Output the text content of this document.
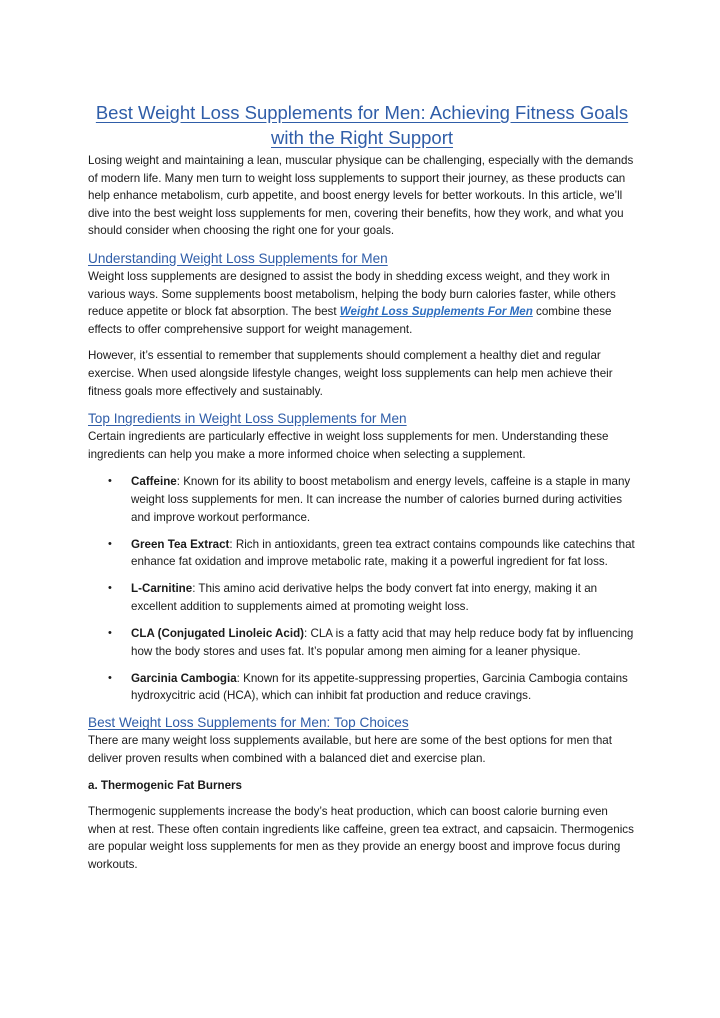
Best Weight Loss Supplements for Men: Achieving Fitness Goals with the Right Support

Losing weight and maintaining a lean, muscular physique can be challenging, especially with the demands of modern life. Many men turn to weight loss supplements to support their journey, as these products can help enhance metabolism, curb appetite, and boost energy levels for better workouts. In this article, we’ll dive into the best weight loss supplements for men, covering their benefits, how they work, and what you should consider when choosing the right one for your goals.

Understanding Weight Loss Supplements for Men

Weight loss supplements are designed to assist the body in shedding excess weight, and they work in various ways. Some supplements boost metabolism, helping the body burn calories faster, while others reduce appetite or block fat absorption. The best Weight Loss Supplements For Men combine these effects to offer comprehensive support for weight management.

However, it’s essential to remember that supplements should complement a healthy diet and regular exercise. When used alongside lifestyle changes, weight loss supplements can help men achieve their fitness goals more effectively and sustainably.

Top Ingredients in Weight Loss Supplements for Men

Certain ingredients are particularly effective in weight loss supplements for men. Understanding these ingredients can help you make a more informed choice when selecting a supplement.

• Caffeine: Known for its ability to boost metabolism and energy levels, caffeine is a staple in many weight loss supplements for men. It can increase the number of calories burned during activities and improve workout performance.
• Green Tea Extract: Rich in antioxidants, green tea extract contains compounds like catechins that enhance fat oxidation and improve metabolic rate, making it a powerful ingredient for fat loss.
• L-Carnitine: This amino acid derivative helps the body convert fat into energy, making it an excellent addition to supplements aimed at promoting weight loss.
• CLA (Conjugated Linoleic Acid): CLA is a fatty acid that may help reduce body fat by influencing how the body stores and uses fat. It’s popular among men aiming for a leaner physique.
• Garcinia Cambogia: Known for its appetite-suppressing properties, Garcinia Cambogia contains hydroxycitric acid (HCA), which can inhibit fat production and reduce cravings.
Best Weight Loss Supplements for Men: Top Choices

There are many weight loss supplements available, but here are some of the best options for men that deliver proven results when combined with a balanced diet and exercise plan.

a. Thermogenic Fat Burners

Thermogenic supplements increase the body’s heat production, which can boost calorie burning even when at rest. These often contain ingredients like caffeine, green tea extract, and capsaicin. Thermogenics are popular weight loss supplements for men as they provide an energy boost and improve focus during workouts.
